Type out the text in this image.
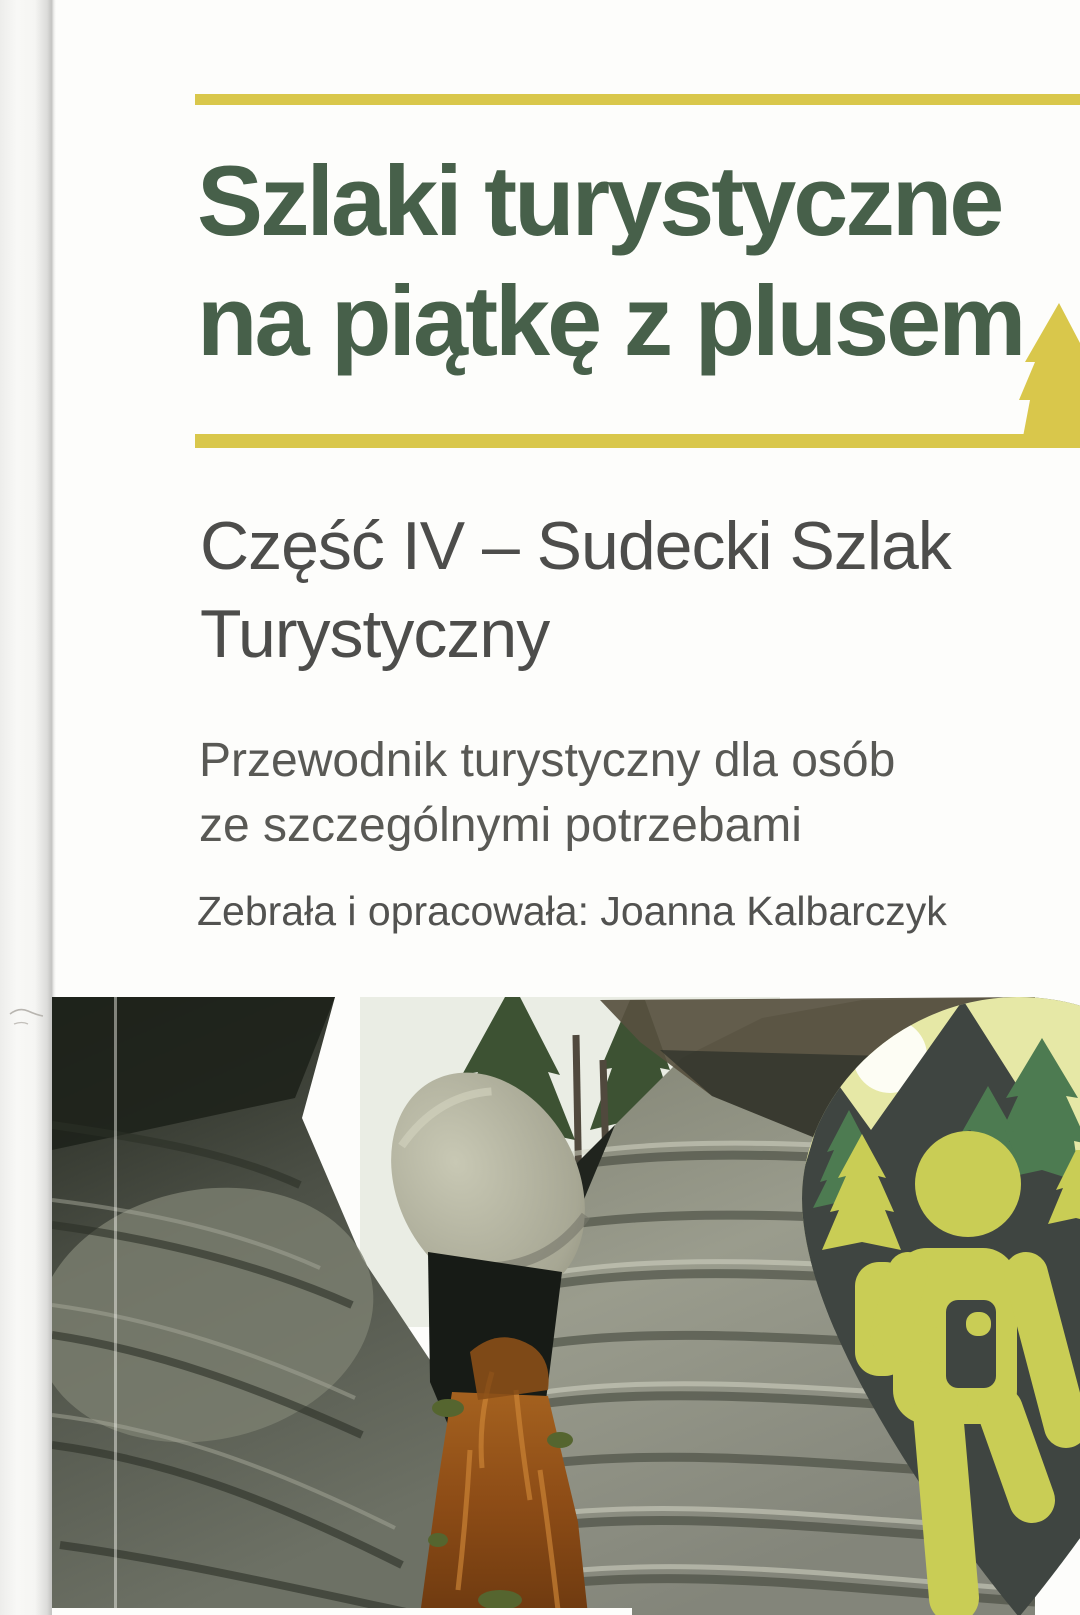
Szlaki turystyczne
na piątkę z plusem
Część IV – Sudecki Szlak
Turystyczny
Przewodnik turystyczny dla osób
ze szczególnymi potrzebami
Zebrała i opracowała: Joanna Kalbarczyk
